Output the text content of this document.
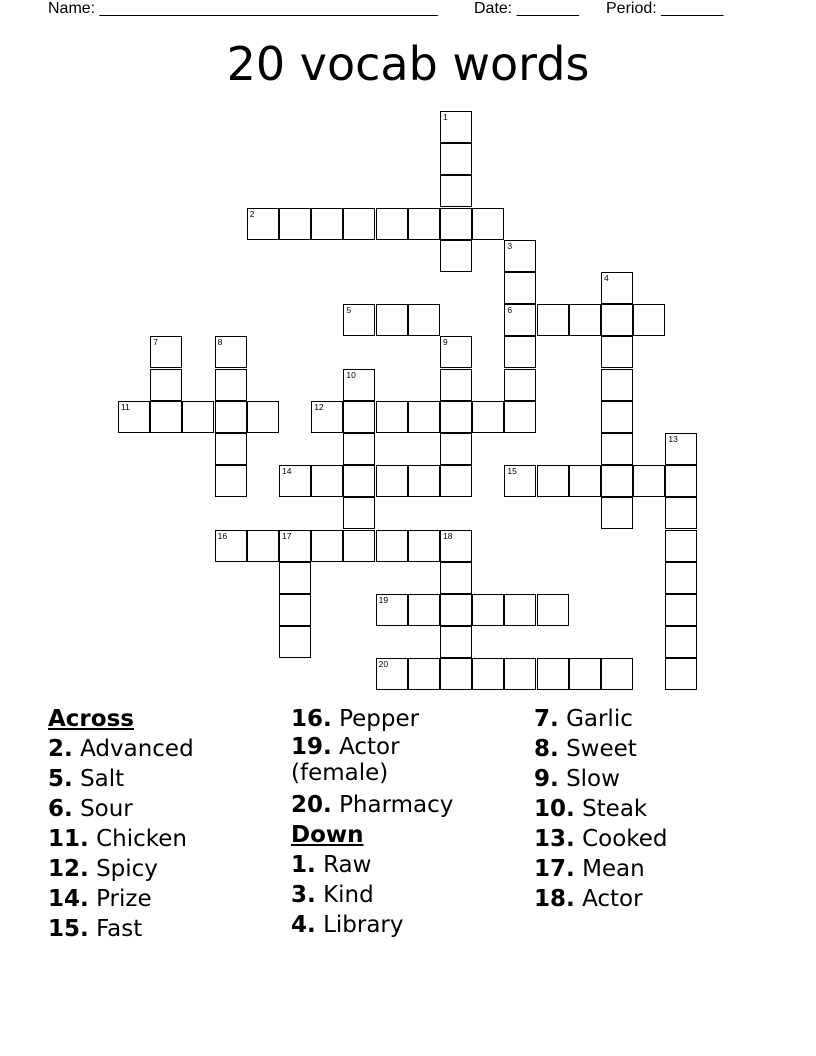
Name: ______________________________________ Date: _______ Period: _______
20 vocab words
1
2
3
6
4
5
7	8	9
10
11	12
13
14	15
16	17	18
19
20
Across
2. Advanced
5. Salt
6. Sour
11. Chicken
12. Spicy
14. Prize
15. Fast
16. Pepper
19. Actor (female)
20. Pharmacy
Down
1. Raw
3. Kind
4. Library
7. Garlic
8. Sweet
9. Slow
10. Steak
13. Cooked
17. Mean
18. Actor
